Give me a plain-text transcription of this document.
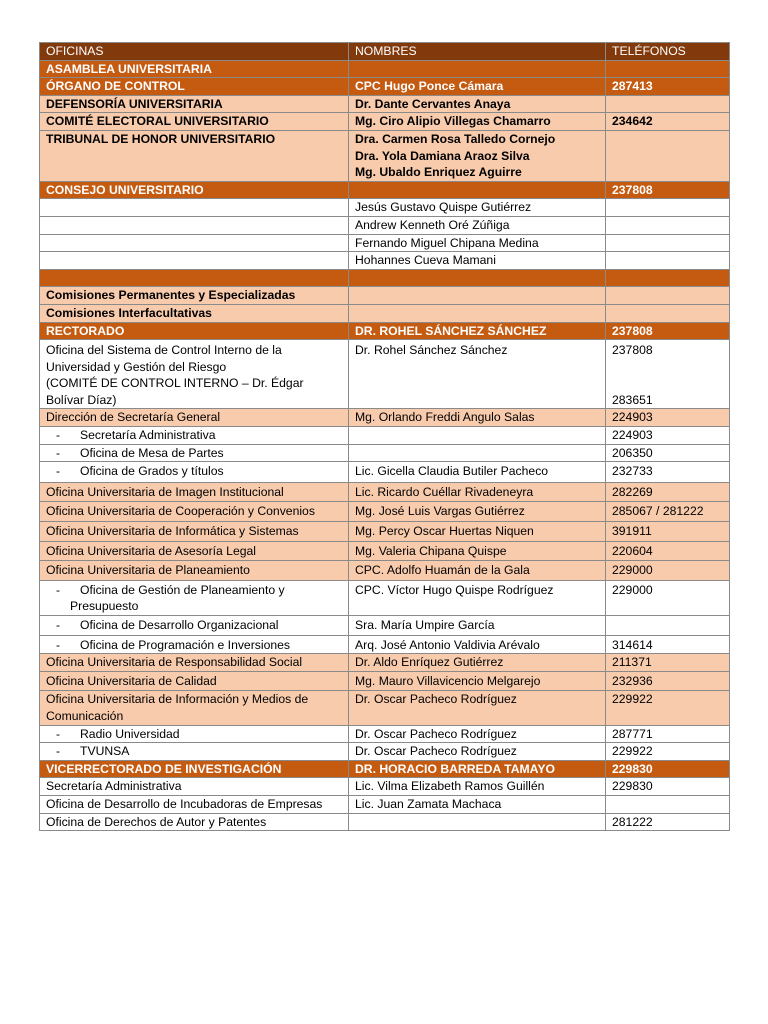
OFICINAS	NOMBRES	TELÉFONOS
ASAMBLEA UNIVERSITARIA		
ÓRGANO DE CONTROL	CPC Hugo Ponce Cámara	287413
DEFENSORÍA UNIVERSITARIA	Dr. Dante Cervantes Anaya	
COMITÉ ELECTORAL UNIVERSITARIO	Mg. Ciro Alipio Villegas Chamarro	234642
TRIBUNAL DE HONOR UNIVERSITARIO	Dra. Carmen Rosa Talledo Cornejo
Dra. Yola Damiana Araoz Silva
Mg. Ubaldo Enriquez Aguirre	

CONSEJO UNIVERSITARIO		237808
	Jesús Gustavo Quispe Gutiérrez	
	Andrew Kenneth Oré Zúñiga	
	Fernando Miguel Chipana Medina	
	Hohannes Cueva Mamani	

Comisiones Permanentes y Especializadas		
Comisiones Interfacultativas		
RECTORADO	DR. ROHEL SÁNCHEZ SÁNCHEZ	237808

Oficina del Sistema de Control Interno de la
Universidad y Gestión del Riesgo
(COMITÉ DE CONTROL INTERNO – Dr. Édgar
Bolívar Díaz)	Dr. Rohel Sánchez Sánchez	237808
283651

Dirección de Secretaría General	Mg. Orlando Freddi Angulo Salas	224903

- Secretaría Administrativa		224903

- Oficina de Mesa de Partes		206350

- Oficina de Grados y títulos	Lic. Gicella Claudia Butiler Pacheco	232733
Oficina Universitaria de Imagen Institucional	Lic. Ricardo Cuéllar Rivadeneyra	282269
Oficina Universitaria de Cooperación y Convenios	Mg. José Luis Vargas Gutiérrez	285067 / 281222
Oficina Universitaria de Informática y Sistemas	Mg. Percy Oscar Huertas Niquen	391911
Oficina Universitaria de Asesoría Legal	Mg. Valeria Chipana Quispe	220604
Oficina Universitaria de Planeamiento	CPC. Adolfo Huamán de la Gala	229000

- Oficina de Gestión de Planeamiento y
Presupuesto	CPC. Víctor Hugo Quispe Rodríguez	229000

- Oficina de Desarrollo Organizacional	Sra. María Umpire García	

- Oficina de Programación e Inversiones	Arq. José Antonio Valdivia Arévalo	314614
Oficina Universitaria de Responsabilidad Social	Dr. Aldo Enríquez Gutiérrez	211371
Oficina Universitaria de Calidad	Mg. Mauro Villavicencio Melgarejo	232936

Oficina Universitaria de Información y Medios de
Comunicación	Dr. Oscar Pacheco Rodríguez	229922

- Radio Universidad	Dr. Oscar Pacheco Rodríguez	287771

- TVUNSA	Dr. Oscar Pacheco Rodríguez	229922
VICERRECTORADO DE INVESTIGACIÓN	DR. HORACIO BARREDA TAMAYO	229830
Secretaría Administrativa	Lic. Vilma Elizabeth Ramos Guillén	229830
Oficina de Desarrollo de Incubadoras de Empresas	Lic. Juan Zamata Machaca	
Oficina de Derechos de Autor y Patentes		281222
